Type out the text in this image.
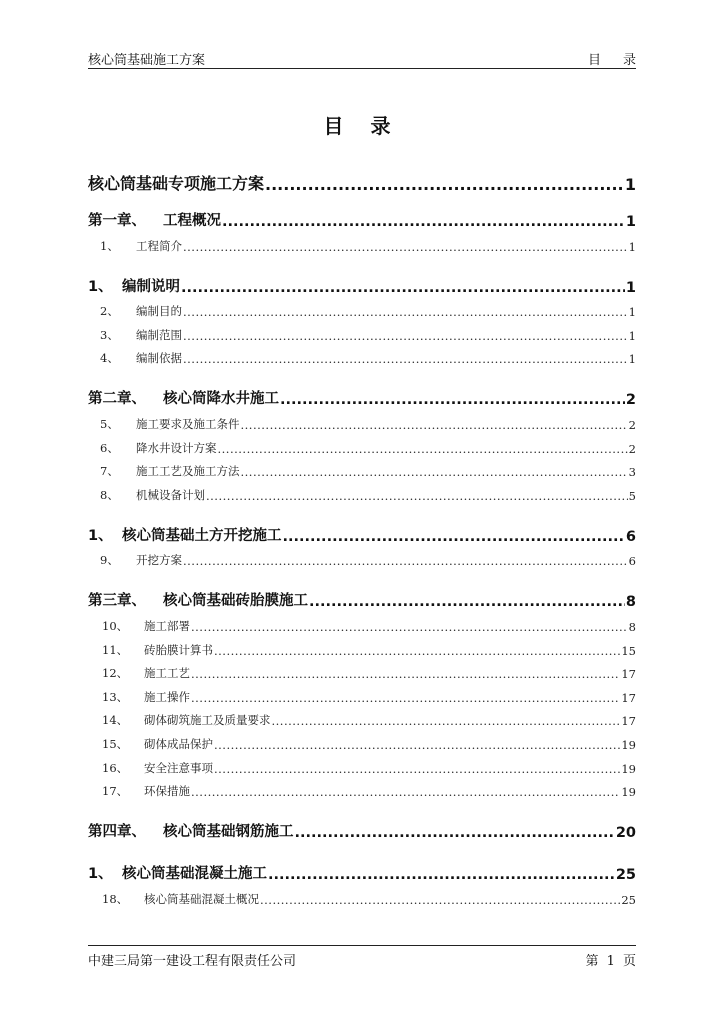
核心筒基础施工方案	目录
目 录
核心筒基础专项施工方案 .....	1
第一章、	工程概况 .....	1
1、	工程简介 .....	1
1、 编制说明 .....	1
2、	编制目的 .....	1
3、	编制范围 .....	1
4、	编制依据 .....	1
第二章、	核心筒降水井施工 .....	2
5、	施工要求及施工条件 .....	2
6、	降水井设计方案 .....	2
7、	施工工艺及施工方法 .....	3
8、	机械设备计划 .....	5
1、 核心筒基础土方开挖施工 .....	6
9、	开挖方案 .....	6
第三章、	核心筒基础砖胎膜施工 .....	8
10、	施工部署 .....	8
11、	砖胎膜计算书 .....	15
12、	施工工艺 .....	17
13、	施工操作 .....	17
14、	砌体砌筑施工及质量要求 .....	17
15、	砌体成品保护 .....	19
16、	安全注意事项 .....	19
17、	环保措施 .....	19
第四章、	核心筒基础钢筋施工 .....	20
1、 核心筒基础混凝土施工 .....	25
18、	核心筒基础混凝土概况 .....	25
中建三局第一建设工程有限责任公司	第 1 页
